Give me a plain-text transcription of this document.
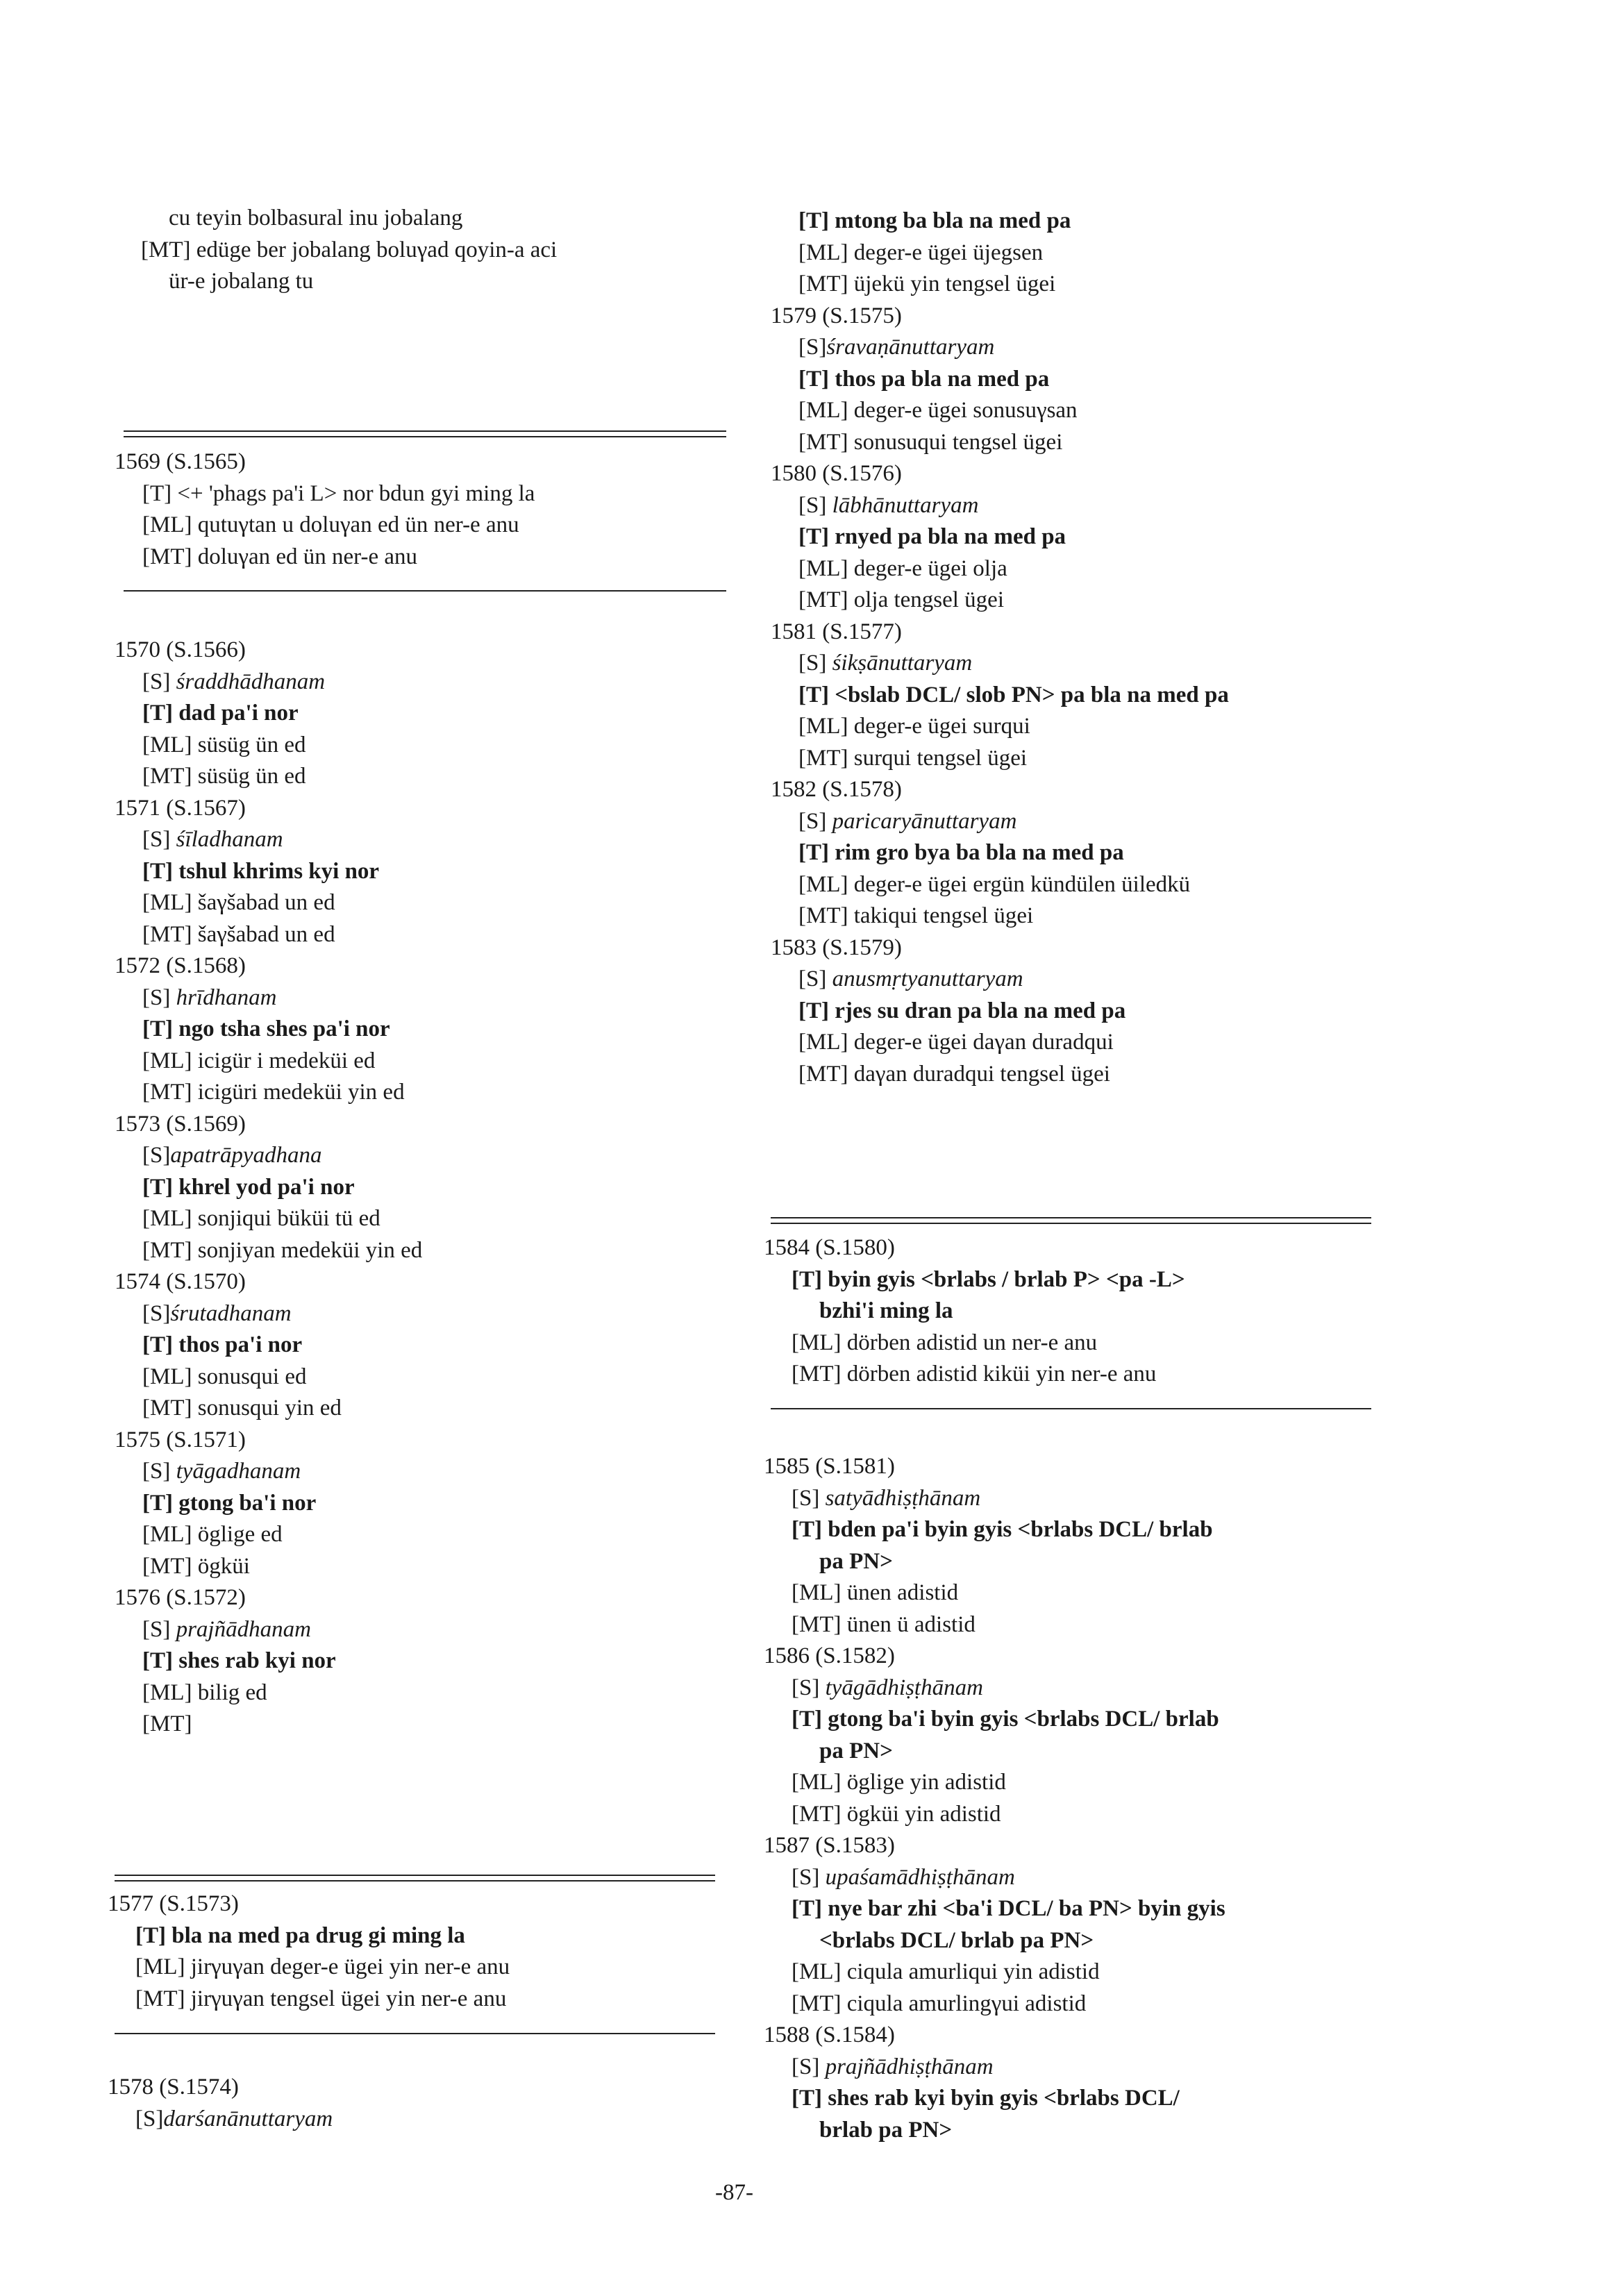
cu teyin bolbasural inu jobalang
[MT] edüge ber jobalang boluγad qoyin-a aci
ür-e jobalang tu
1569 (S.1565)
[T] <+ 'phags pa'i L> nor bdun gyi ming la
[ML] qutuγtan u doluγan ed ün ner-e anu
[MT] doluγan ed ün ner-e anu
1570 (S.1566)
[S] śraddhādhanam
[T] dad pa'i nor
[ML] süsüg ün ed
[MT] süsüg ün ed
1571 (S.1567)
[S] śīladhanam
[T] tshul khrims kyi nor
[ML] šaγšabad un ed
[MT] šaγšabad un ed
1572 (S.1568)
[S] hrīdhanam
[T] ngo tsha shes pa'i nor
[ML] icigür i medeküi ed
[MT] icigüri medeküi yin ed
1573 (S.1569)
[S]apatrāpyadhana
[T] khrel yod pa'i nor
[ML] sonjiqui büküi tü ed
[MT] sonjiyan medeküi yin ed
1574 (S.1570)
[S]śrutadhanam
[T] thos pa'i nor
[ML] sonusqui ed
[MT] sonusqui yin ed
1575 (S.1571)
[S] tyāgadhanam
[T] gtong ba'i nor
[ML] öglige ed
[MT] ögküi
1576 (S.1572)
[S] prajñādhanam
[T] shes rab kyi nor
[ML] bilig ed
[MT]
1577 (S.1573)
[T] bla na med pa drug gi ming la
[ML] jirγuγan deger-e ügei yin ner-e anu
[MT] jirγuγan tengsel ügei yin ner-e anu
1578 (S.1574)
[S]darśanānuttaryam
[T] mtong ba bla na med pa
[ML] deger-e ügei üjegsen
[MT] üjekü yin tengsel ügei
1579 (S.1575)
[S]śravaṇānuttaryam
[T] thos pa bla na med pa
[ML] deger-e ügei sonusuγsan
[MT] sonusuqui tengsel ügei
1580 (S.1576)
[S] lābhānuttaryam
[T] rnyed pa bla na med pa
[ML] deger-e ügei olja
[MT] olja tengsel ügei
1581 (S.1577)
[S] śikṣānuttaryam
[T] <bslab DCL/ slob PN> pa bla na med pa
[ML] deger-e ügei surqui
[MT] surqui tengsel ügei
1582 (S.1578)
[S] paricaryānuttaryam
[T] rim gro bya ba bla na med pa
[ML] deger-e ügei ergün kündülen üiledkü
[MT] takiqui tengsel ügei
1583 (S.1579)
[S] anusmṛtyanuttaryam
[T] rjes su dran pa bla na med pa
[ML] deger-e ügei daγan duradqui
[MT] daγan duradqui tengsel ügei
1584 (S.1580)
[T] byin gyis <brlabs / brlab P> <pa -L>
bzhi'i ming la
[ML] dörben adistid un ner-e anu
[MT] dörben adistid kiküi yin ner-e anu
1585 (S.1581)
[S] satyādhiṣṭhānam
[T] bden pa'i byin gyis <brlabs DCL/ brlab
pa PN>
[ML] ünen adistid
[MT] ünen ü adistid
1586 (S.1582)
[S] tyāgādhiṣṭhānam
[T] gtong ba'i byin gyis <brlabs DCL/ brlab
pa PN>
[ML] öglige yin adistid
[MT] ögküi yin adistid
1587 (S.1583)
[S] upaśamādhiṣṭhānam
[T] nye bar zhi <ba'i DCL/ ba PN> byin gyis
<brlabs DCL/ brlab pa PN>
[ML] ciqula amurliqui yin adistid
[MT] ciqula amurlingγui adistid
1588 (S.1584)
[S] prajñādhiṣṭhānam
[T] shes rab kyi byin gyis <brlabs DCL/
brlab pa PN>
-87-
